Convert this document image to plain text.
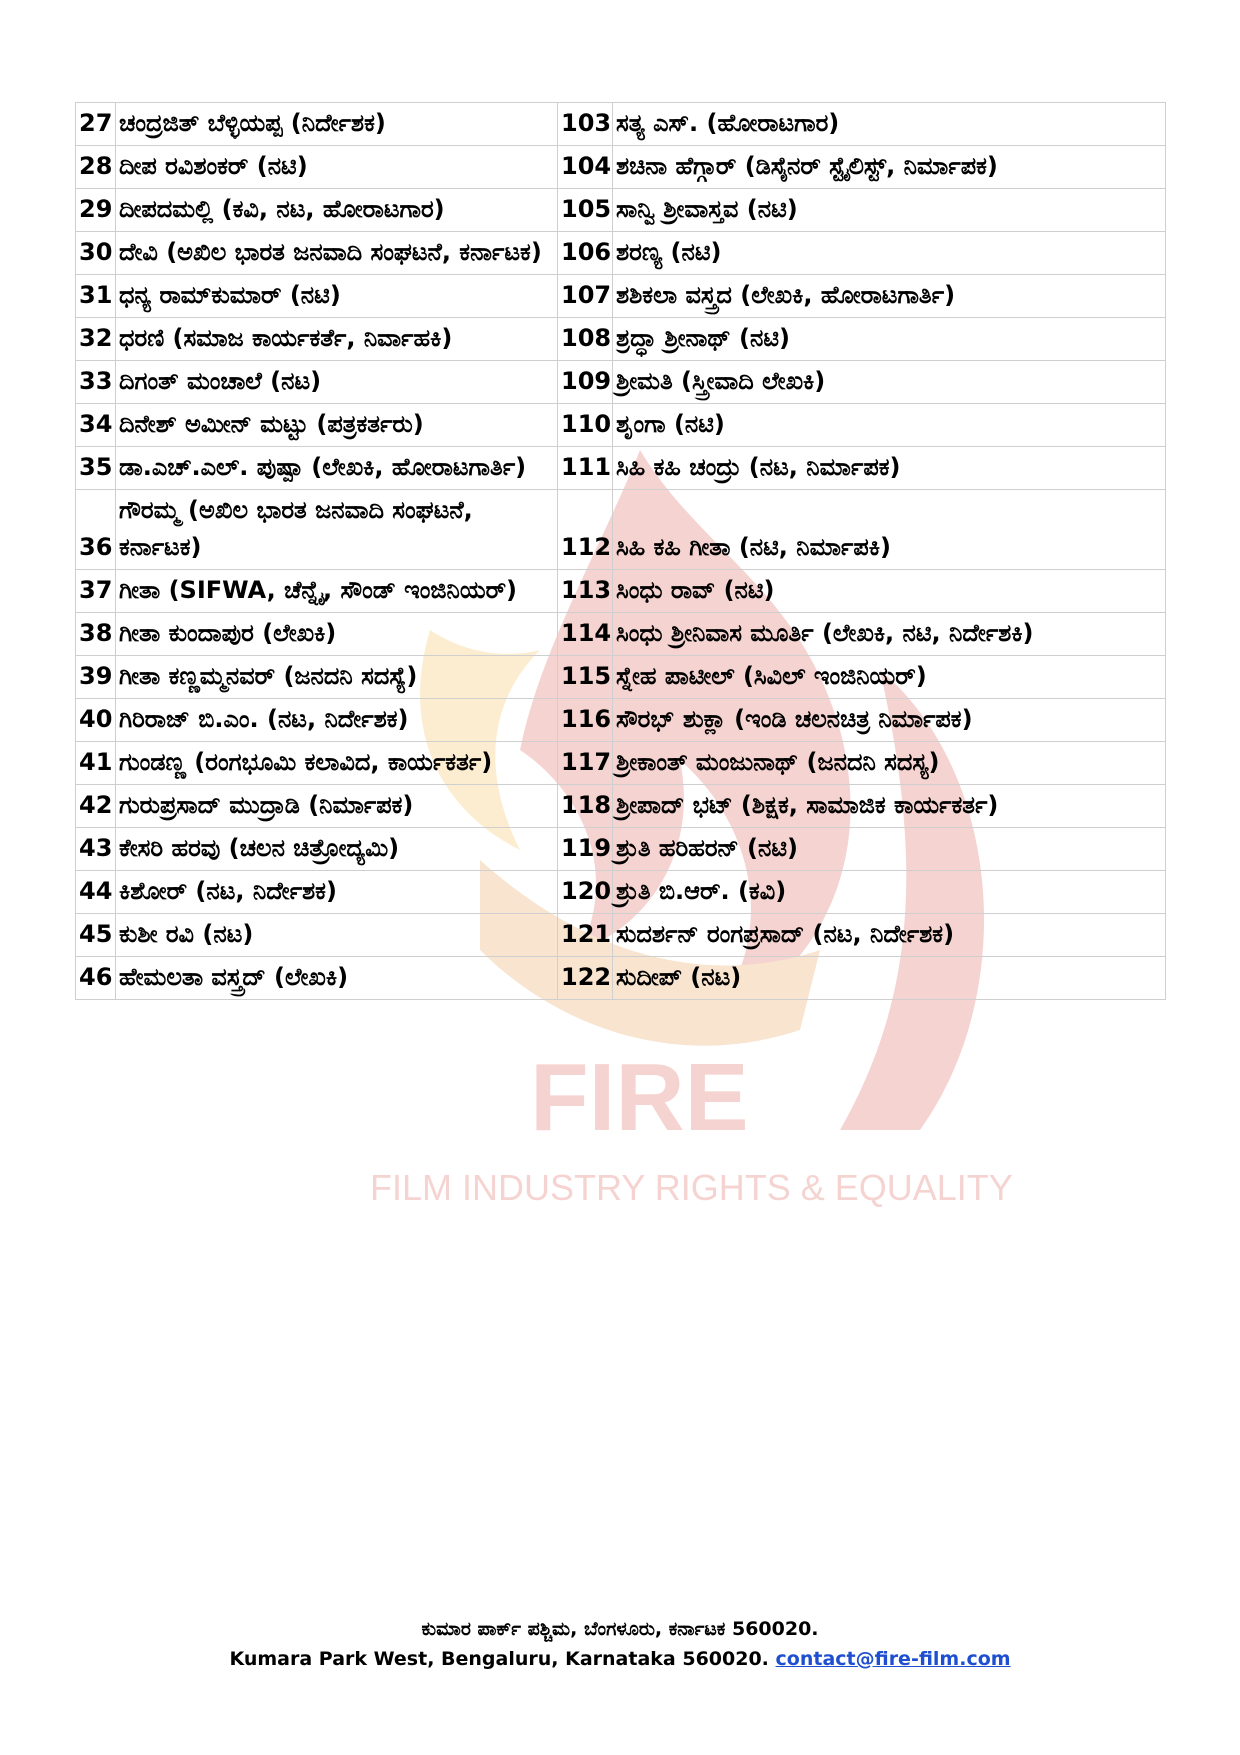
FIRE
FILM INDUSTRY RIGHTS & EQUALITY
27	ಚಂದ್ರಜಿತ್ ಬೆಳ್ಳಿಯಪ್ಪ (ನಿರ್ದೇಶಕ)	103	ಸತ್ಯ ಎಸ್. (ಹೋರಾಟಗಾರ)
28	ದೀಪ ರವಿಶಂಕರ್ (ನಟಿ)	104	ಶಚಿನಾ ಹೆಗ್ಗಾರ್ (ಡಿಸೈನರ್ ಸ್ಟೈಲಿಸ್ಟ್, ನಿರ್ಮಾಪಕ)
29	ದೀಪದಮಲ್ಲಿ (ಕವಿ, ನಟ, ಹೋರಾಟಗಾರ)	105	ಸಾನ್ವಿ ಶ್ರೀವಾಸ್ತವ (ನಟಿ)
30	ದೇವಿ (ಅಖಿಲ ಭಾರತ ಜನವಾದಿ ಸಂಘಟನೆ, ಕರ್ನಾಟಕ)	106	ಶರಣ್ಯ (ನಟಿ)
31	ಧನ್ಯ ರಾಮ್‌ಕುಮಾರ್ (ನಟಿ)	107	ಶಶಿಕಲಾ ವಸ್ತ್ರದ (ಲೇಖಕಿ, ಹೋರಾಟಗಾರ್ತಿ)
32	ಧರಣಿ (ಸಮಾಜ ಕಾರ್ಯಕರ್ತೆ, ನಿರ್ವಾಹಕಿ)	108	ಶ್ರದ್ಧಾ ಶ್ರೀನಾಥ್ (ನಟಿ)
33	ದಿಗಂತ್ ಮಂಚಾಲೆ (ನಟ)	109	ಶ್ರೀಮತಿ (ಸ್ತ್ರೀವಾದಿ ಲೇಖಕಿ)
34	ದಿನೇಶ್ ಅಮೀನ್ ಮಟ್ಟು (ಪತ್ರಕರ್ತರು)	110	ಶೃಂಗಾ (ನಟಿ)
35	ಡಾ.ಎಚ್.ಎಲ್. ಪುಷ್ಪಾ (ಲೇಖಕಿ, ಹೋರಾಟಗಾರ್ತಿ)	111	ಸಿಹಿ ಕಹಿ ಚಂದ್ರು (ನಟ, ನಿರ್ಮಾಪಕ)
36	ಗೌರಮ್ಮ (ಅಖಿಲ ಭಾರತ ಜನವಾದಿ ಸಂಘಟನೆ, ಕರ್ನಾಟಕ)	112	ಸಿಹಿ ಕಹಿ ಗೀತಾ (ನಟಿ, ನಿರ್ಮಾಪಕಿ)
37	ಗೀತಾ (SIFWA, ಚೆನ್ನೈ, ಸೌಂಡ್ ಇಂಜಿನಿಯರ್)	113	ಸಿಂಧು ರಾವ್ (ನಟಿ)
38	ಗೀತಾ ಕುಂದಾಪುರ (ಲೇಖಕಿ)	114	ಸಿಂಧು ಶ್ರೀನಿವಾಸ ಮೂರ್ತಿ (ಲೇಖಕಿ, ನಟಿ, ನಿರ್ದೇಶಕಿ)
39	ಗೀತಾ ಕಣ್ಣಮ್ಮನವರ್ (ಜನದನಿ ಸದಸ್ಯೆ)	115	ಸ್ನೇಹ ಪಾಟೀಲ್ (ಸಿವಿಲ್ ಇಂಜಿನಿಯರ್)
40	ಗಿರಿರಾಜ್ ಬಿ.ಎಂ. (ನಟ, ನಿರ್ದೇಶಕ)	116	ಸೌರಭ್ ಶುಕ್ಲಾ (ಇಂಡಿ ಚಲನಚಿತ್ರ ನಿರ್ಮಾಪಕ)
41	ಗುಂಡಣ್ಣ (ರಂಗಭೂಮಿ ಕಲಾವಿದ, ಕಾರ್ಯಕರ್ತ)	117	ಶ್ರೀಕಾಂತ್ ಮಂಜುನಾಥ್ (ಜನದನಿ ಸದಸ್ಯ)
42	ಗುರುಪ್ರಸಾದ್ ಮುದ್ರಾಡಿ (ನಿರ್ಮಾಪಕ)	118	ಶ್ರೀಪಾದ್ ಭಟ್ (ಶಿಕ್ಷಕ, ಸಾಮಾಜಿಕ ಕಾರ್ಯಕರ್ತ)
43	ಕೇಸರಿ ಹರವು (ಚಲನ ಚಿತ್ರೋದ್ಯಮಿ)	119	ಶ್ರುತಿ ಹರಿಹರನ್ (ನಟಿ)
44	ಕಿಶೋರ್ (ನಟ, ನಿರ್ದೇಶಕ)	120	ಶ್ರುತಿ ಬಿ.ಆರ್. (ಕವಿ)
45	ಕುಶೀ ರವಿ (ನಟ)	121	ಸುದರ್ಶನ್ ರಂಗಪ್ರಸಾದ್ (ನಟ, ನಿರ್ದೇಶಕ)
46	ಹೇಮಲತಾ ವಸ್ತ್ರದ್ (ಲೇಖಕಿ)	122	ಸುದೀಪ್ (ನಟ)
ಕುಮಾರ ಪಾರ್ಕ್ ಪಶ್ಚಿಮ, ಬೆಂಗಳೂರು, ಕರ್ನಾಟಕ 560020.
Kumara Park West, Bengaluru, Karnataka 560020. contact@fire-film.com
